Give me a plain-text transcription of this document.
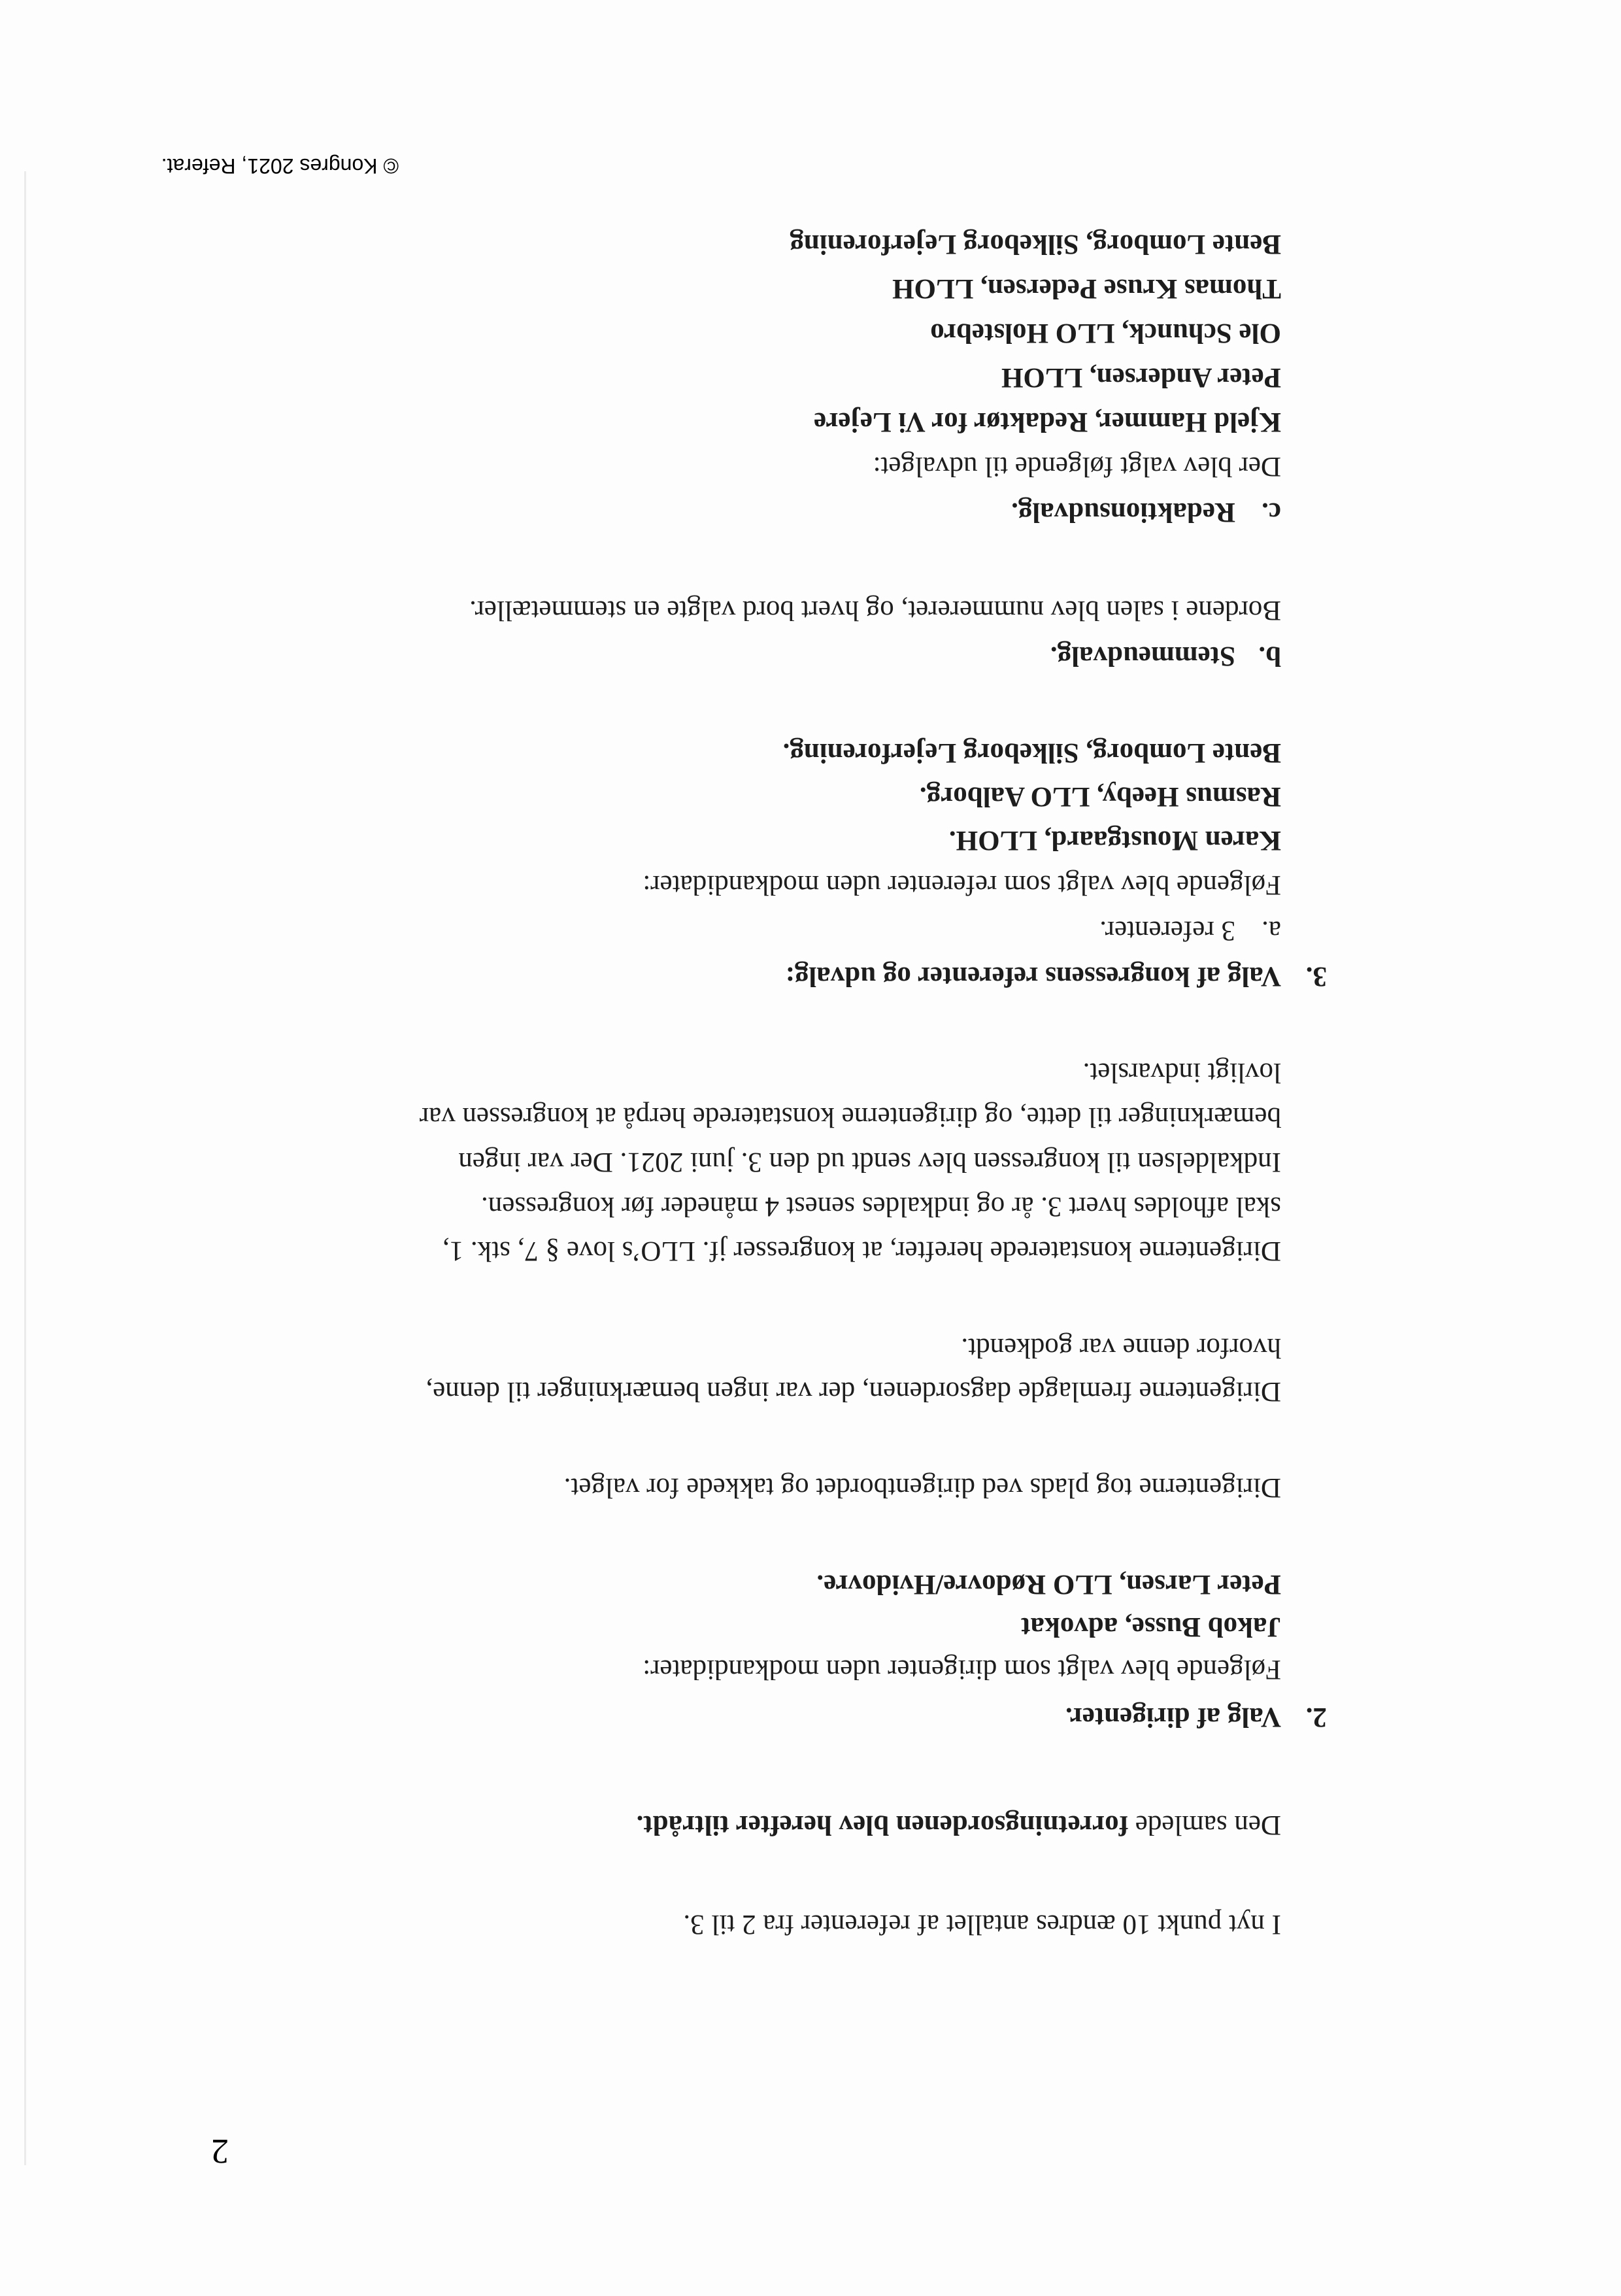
2
I nyt punkt 10 ændres antallet af referenter fra 2 til 3.
Den samlede forretningsordenen blev herefter tiltrådt.
2.Valg af dirigenter.
Følgende blev valgt som dirigenter uden modkandidater:
Jakob Busse, advokat
Peter Larsen, LLO Rødovre/Hvidovre.
Dirigenterne tog plads ved dirigentbordet og takkede for valget.
Dirigenterne fremlagde dagsordenen, der var ingen bemærkninger til denne,
hvorfor denne var godkendt.
Dirigenterne konstaterede herefter, at kongresser jf. LLO’s love § 7, stk. 1,
skal afholdes hvert 3. år og indkaldes senest 4 måneder før kongressen.
Indkaldelsen til kongressen blev sendt ud den 3. juni 2021. Der var ingen
bemærkninger til dette, og dirigenterne konstaterede herpå at kongressen var
lovligt indvarslet.
3.Valg af kongressens referenter og udvalg:
a.3 referenter.
Følgende blev valgt som referenter uden modkandidater:
Karen Moustgaard, LLOH.
Rasmus Heeby, LLO Aalborg.
Bente Lomborg, Silkeborg Lejerforening.
b.Stemmeudvalg.
Bordene i salen blev nummereret, og hvert bord valgte en stemmetæller.
c.Redaktionsudvalg.
Der blev valgt følgende til udvalget:
Kjeld Hammer, Redaktør for Vi Lejere
Peter Andersen, LLOH
Ole Schunck, LLO Holstebro
Thomas Kruse Pedersen, LLOH
Bente Lomborg, Silkeborg Lejerforening
© Kongres 2021, Referat.
